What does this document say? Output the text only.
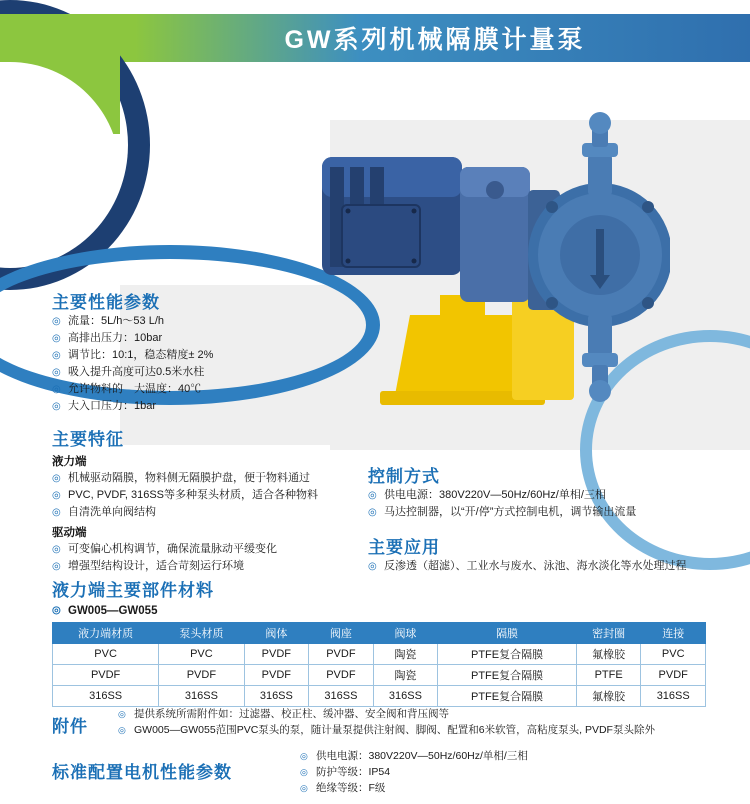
GW系列机械隔膜计量泵
主要性能参数
◎ 流量：5L/h～53 L/h
◎ 高排出压力：10bar
◎ 调节比：10:1，稳态精度± 2%
◎ 吸入提升高度可达0.5米水柱
◎ 允许物料的　大温度：40℃
◎ 大入口压力：1bar
主要特征
液力端
◎ 机械驱动隔膜，物料侧无隔膜护盘，便于物料通过
◎ PVC, PVDF, 316SS等多种泵头材质，适合各种物料
◎ 自清洗单向阀结构
驱动端
◎ 可变偏心机构调节，确保流量脉动平缓变化
◎ 增强型结构设计，适合苛刻运行环境
控制方式
◎ 供电电源：380V220V—50Hz/60Hz/单相/三相
◎ 马达控制器，以“开/停”方式控制电机，调节输出流量
主要应用
◎ 反渗透（超滤）、工业水与废水、泳池、海水淡化等水处理过程
液力端主要部件材料
◎ GW005—GW055
液力端材质	泵头材质	阀体	阀座	阀球	隔膜	密封圈	连接
PVC	PVC	PVDF	PVDF	陶瓷	PTFE复合隔膜	氟橡胶	PVC
PVDF	PVDF	PVDF	PVDF	陶瓷	PTFE复合隔膜	PTFE	PVDF
316SS	316SS	316SS	316SS	316SS	PTFE复合隔膜	氟橡胶	316SS
附件
◎ 提供系统所需附件如：过滤器、校正柱、缓冲器、安全阀和背压阀等
◎ GW005—GW055范围PVC泵头的泵，随计量泵提供注射阀、脚阀、配置和6米软管，高粘度泵头, PVDF泵头除外
标准配置电机性能参数
◎ 供电电源：380V220V—50Hz/60Hz/单相/三相
◎ 防护等级：IP54
◎ 绝缘等级：F级
